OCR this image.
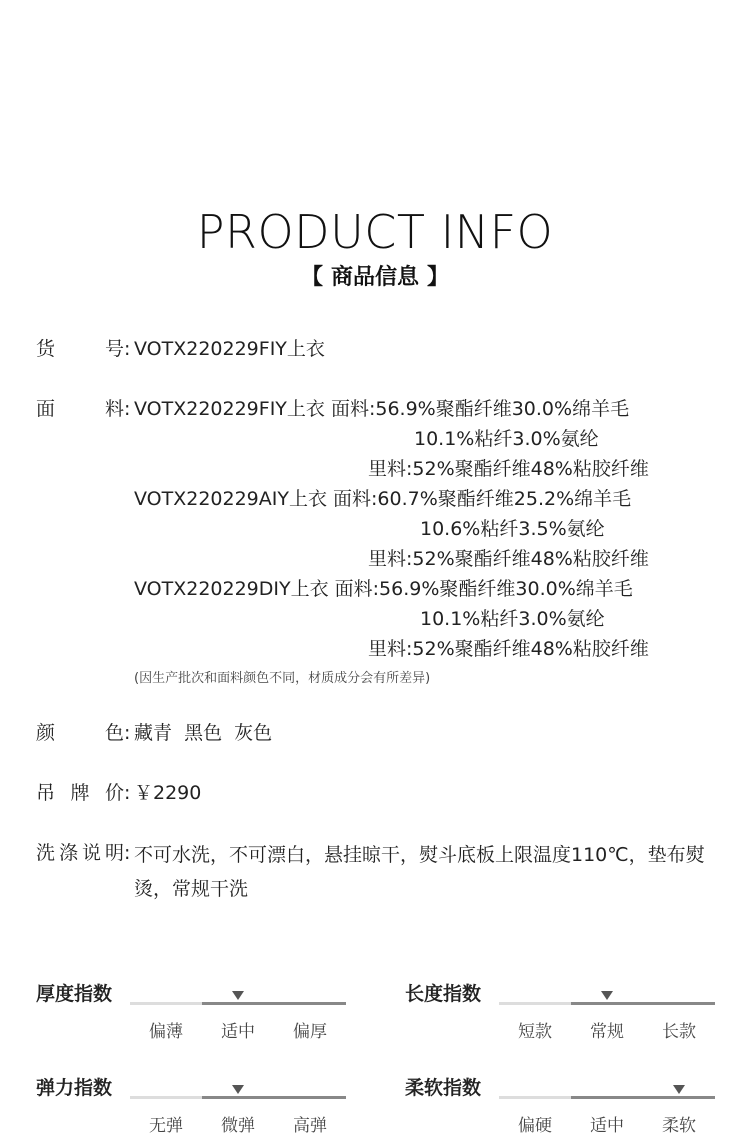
PRODUCT INFO
【 商品信息 】
货	号 : VOTX220229FIY上衣
面	料 : VOTX220229FIY上衣 面料:56.9%聚酯纤维30.0%绵羊毛
10.1%粘纤3.0%氨纶
里料:52%聚酯纤维48%粘胶纤维
VOTX220229AIY上衣 面料:60.7%聚酯纤维25.2%绵羊毛
10.6%粘纤3.5%氨纶
里料:52%聚酯纤维48%粘胶纤维
VOTX220229DIY上衣 面料:56.9%聚酯纤维30.0%绵羊毛
10.1%粘纤3.0%氨纶
里料:52%聚酯纤维48%粘胶纤维
(因生产批次和面料颜色不同，材质成分会有所差异)
颜	色 : 藏青  黑色  灰色
吊 牌 价 : ￥2290
洗 涤 说 明 : 不可水洗，不可漂白，悬挂晾干，熨斗底板上限温度110℃，垫布熨烫，常规干洗
厚度指数
偏薄	适中	偏厚
长度指数
短款	常规	长款
弹力指数
无弹	微弹	高弹
柔软指数
偏硬	适中	柔软
